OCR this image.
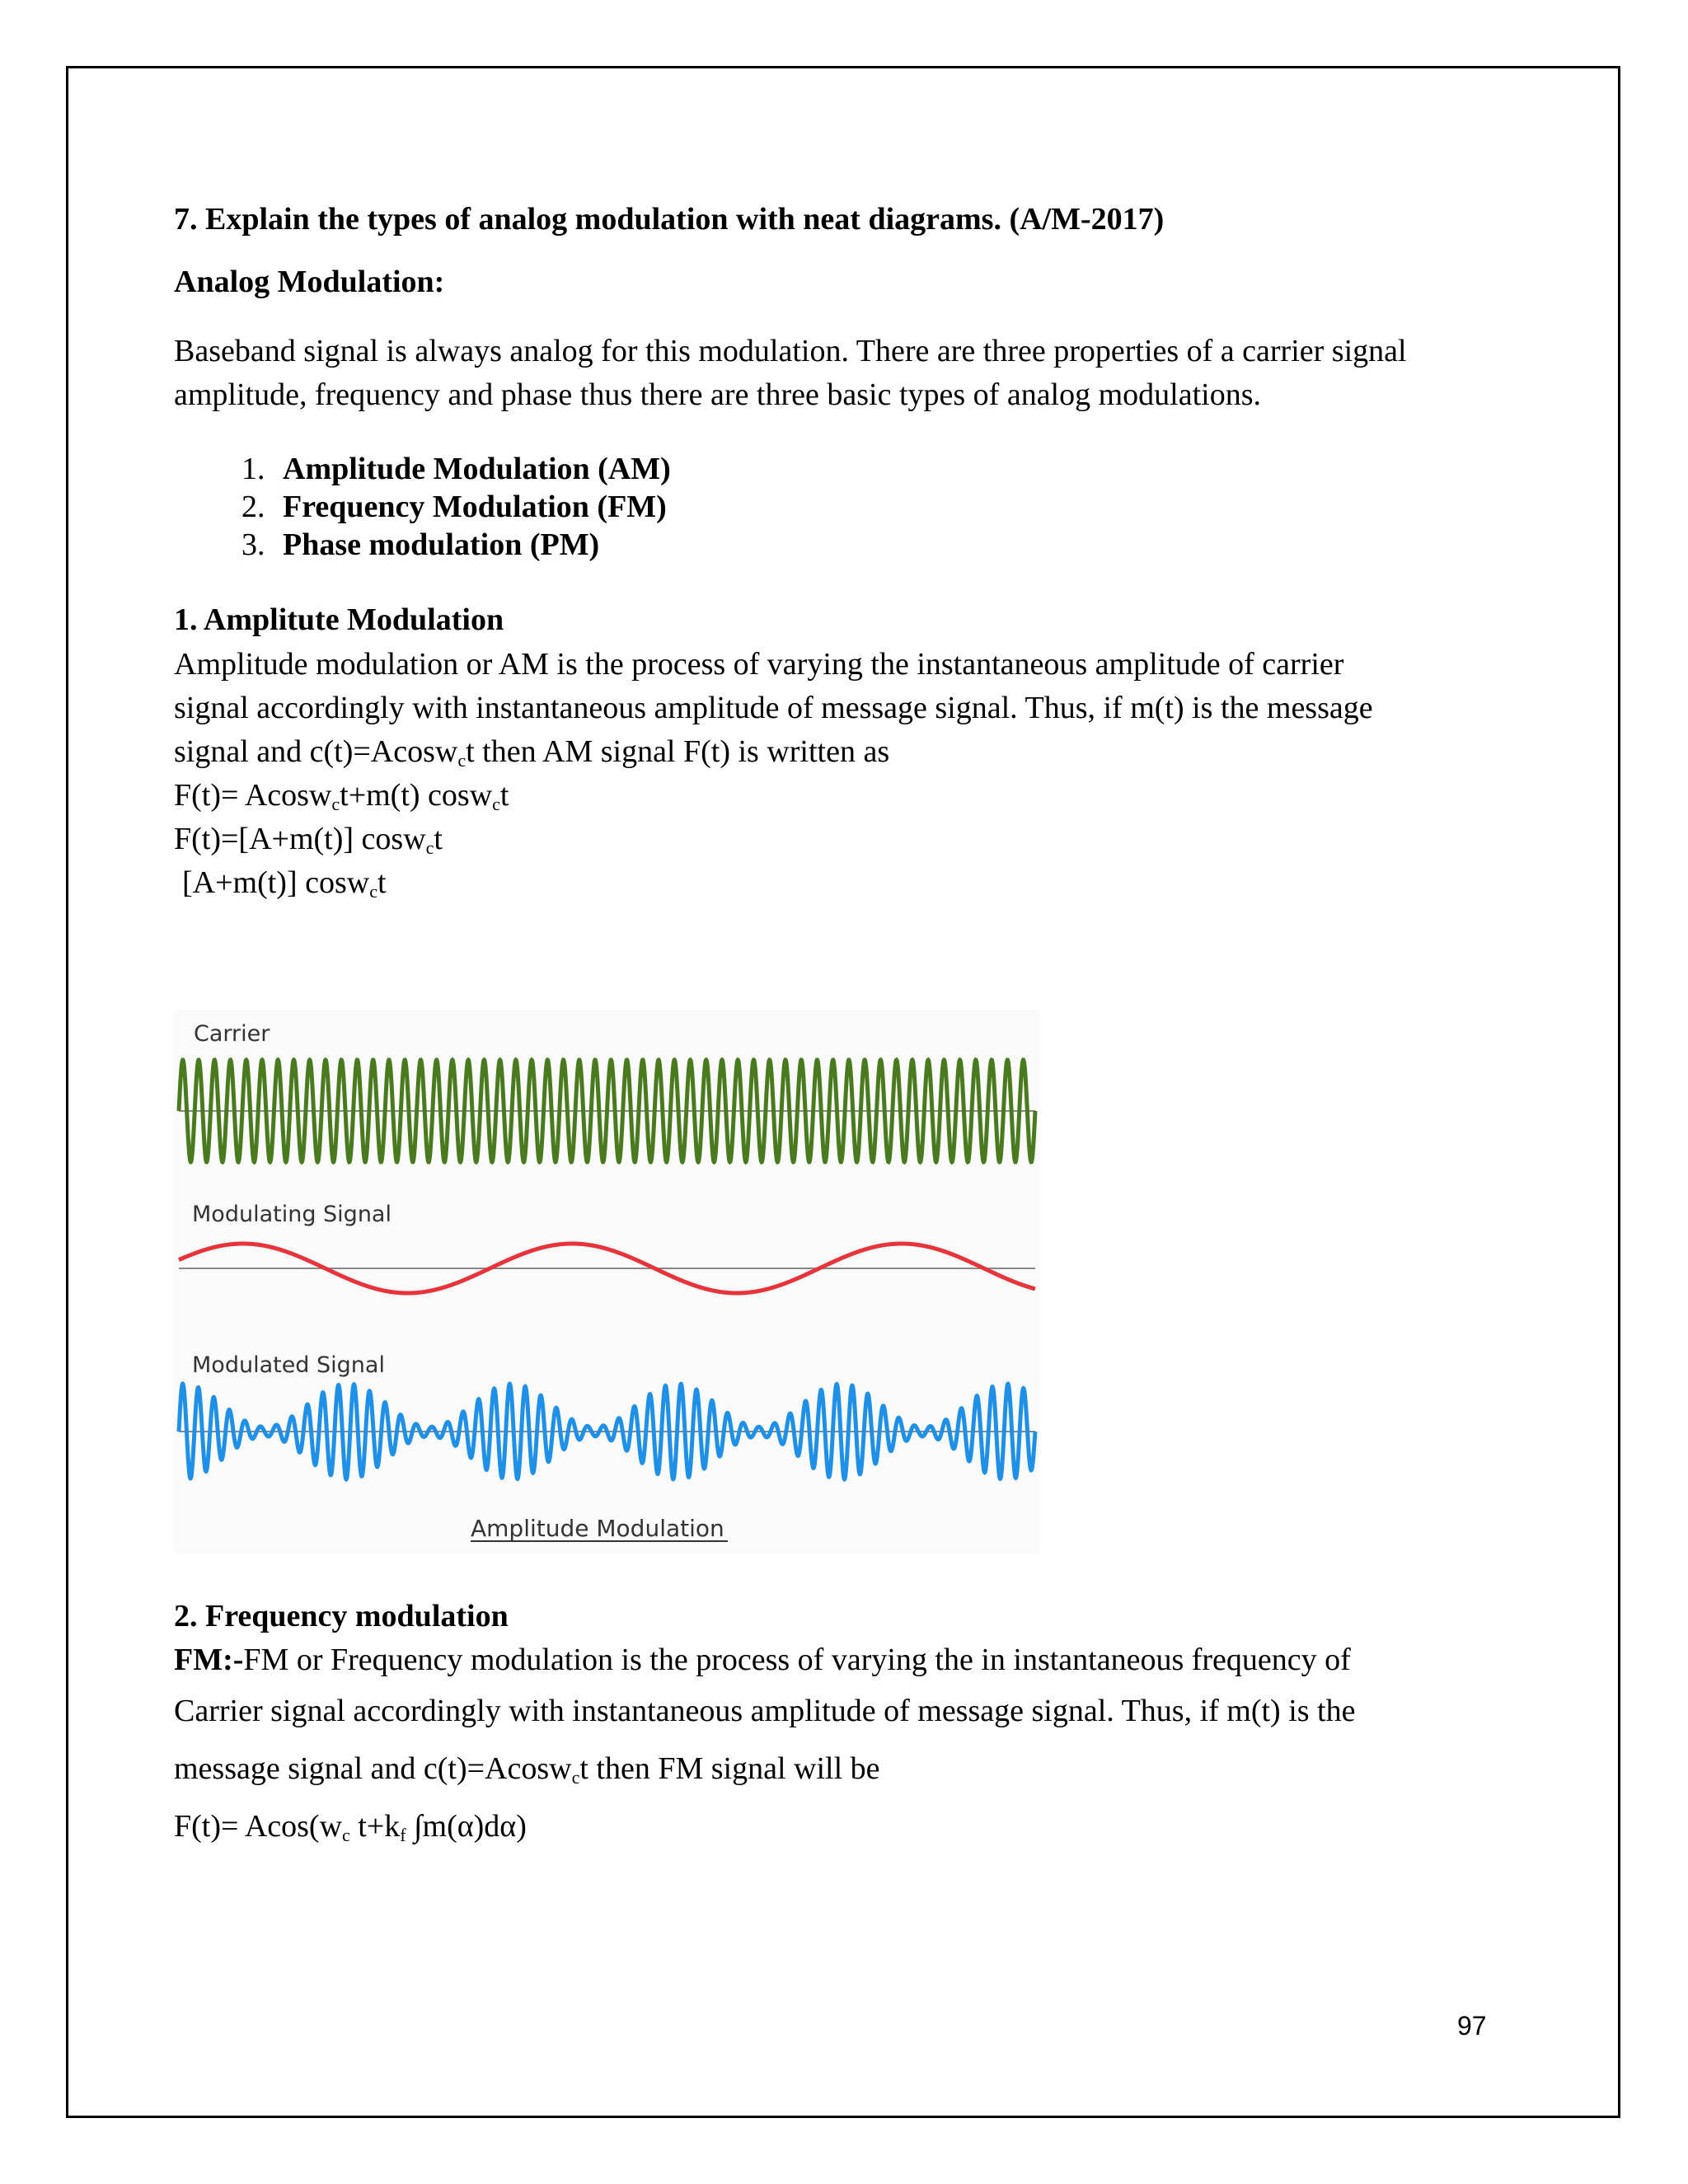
7. Explain the types of analog modulation with neat diagrams. (A/M-2017)

Analog Modulation:

Baseband signal is always analog for this modulation. There are three properties of a carrier signal

amplitude, frequency and phase thus there are three basic types of analog modulations.

1. Amplitude Modulation (AM)
2. Frequency Modulation (FM)
3. Phase modulation (PM)

1. Amplitute Modulation

Amplitude modulation or AM is the process of varying the instantaneous amplitude of carrier

signal accordingly with instantaneous amplitude of message signal. Thus, if m(t) is the message

signal and c(t)=Acosw$_c$t then AM signal F(t) is written as

F(t)= Acosw$_c$t+m(t) cosw$_c$t

F(t)=[A+m(t)] cosw$_c$t

[A+m(t)] cosw$_c$t

Carrier
Modulating Signal
Modulated Signal
Amplitude Modulation

2. Frequency modulation

FM:-FM or Frequency modulation is the process of varying the in instantaneous frequency of

Carrier signal accordingly with instantaneous amplitude of message signal. Thus, if m(t) is the

message signal and c(t)=Acosw$_c$t then FM signal will be

$F(t)= Acos(w_c$ $t+k_f$ ∫m(α)dα)

97
